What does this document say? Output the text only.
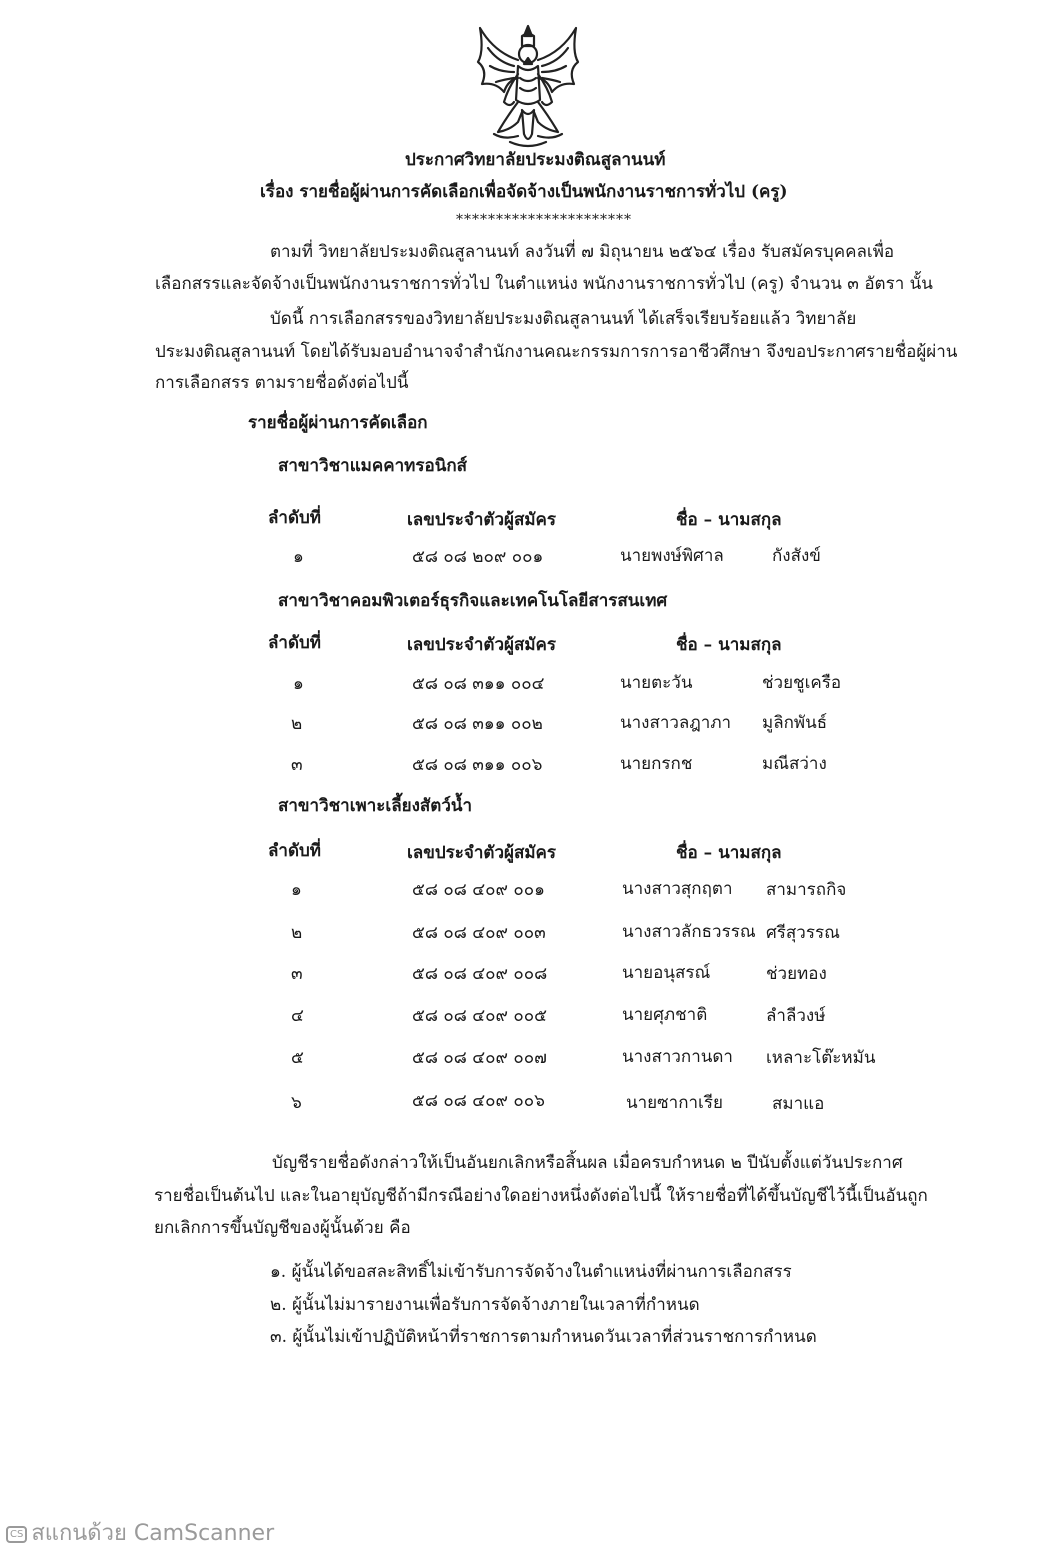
ประกาศวิทยาลัยประมงติณสูลานนท์
เรื่อง รายชื่อผู้ผ่านการคัดเลือกเพื่อจัดจ้างเป็นพนักงานราชการทั่วไป (ครู)
**********************
ตามที่ วิทยาลัยประมงติณสูลานนท์ ลงวันที่ ๗ มิถุนายน ๒๕๖๔ เรื่อง รับสมัครบุคคลเพื่อ
เลือกสรรและจัดจ้างเป็นพนักงานราชการทั่วไป ในตำแหน่ง พนักงานราชการทั่วไป (ครู) จำนวน ๓ อัตรา นั้น
บัดนี้ การเลือกสรรของวิทยาลัยประมงติณสูลานนท์ ได้เสร็จเรียบร้อยแล้ว วิทยาลัย
ประมงติณสูลานนท์ โดยได้รับมอบอำนาจจำสำนักงานคณะกรรมการการอาชีวศึกษา จึงขอประกาศรายชื่อผู้ผ่าน
การเลือกสรร ตามรายชื่อดังต่อไปนี้
รายชื่อผู้ผ่านการคัดเลือก
สาขาวิชาแมคคาทรอนิกส์
ลำดับที่	เลขประจำตัวผู้สมัคร	ชื่อ – นามสกุล
๑	๕๘ ๐๘ ๒๐๙ ๐๐๑	นายพงษ์พิศาล	กังสังข์
สาขาวิชาคอมพิวเตอร์ธุรกิจและเทคโนโลยีสารสนเทศ
ลำดับที่	เลขประจำตัวผู้สมัคร	ชื่อ – นามสกุล
๑	๕๘ ๐๘ ๓๑๑ ๐๐๔	นายตะวัน	ช่วยชูเครือ
๒	๕๘ ๐๘ ๓๑๑ ๐๐๒	นางสาวลฎาภา มูลิกพันธ์
๓	๕๘ ๐๘ ๓๑๑ ๐๐๖	นายกรกช	มณีสว่าง
สาขาวิชาเพาะเลี้ยงสัตว์น้ำ
ลำดับที่	เลขประจำตัวผู้สมัคร	ชื่อ – นามสกุล
๑	๕๘ ๐๘ ๔๐๙ ๐๐๑	นางสาวสุกฤตา สามารถกิจ
๒	๕๘ ๐๘ ๔๐๙ ๐๐๓	นางสาวลักธวรรณ ศรีสุวรรณ
๓	๕๘ ๐๘ ๔๐๙ ๐๐๘	นายอนุสรณ์	ช่วยทอง
๔	๕๘ ๐๘ ๔๐๙ ๐๐๕	นายศุภชาติ	ลำลีวงษ์
๕	๕๘ ๐๘ ๔๐๙ ๐๐๗	นางสาวกานดา เหลาะโต๊ะหมัน
๖	๕๘ ๐๘ ๔๐๙ ๐๐๖	นายซากาเรีย	สมาแอ
บัญชีรายชื่อดังกล่าวให้เป็นอันยกเลิกหรือสิ้นผล เมื่อครบกำหนด ๒ ปีนับตั้งแต่วันประกาศ
รายชื่อเป็นต้นไป และในอายุบัญชีถ้ามีกรณีอย่างใดอย่างหนึ่งดังต่อไปนี้ ให้รายชื่อที่ได้ขึ้นบัญชีไว้นี้เป็นอันถูก
ยกเลิกการขึ้นบัญชีของผู้นั้นด้วย คือ
๑. ผู้นั้นได้ขอสละสิทธิ์ไม่เข้ารับการจัดจ้างในตำแหน่งที่ผ่านการเลือกสรร
๒. ผู้นั้นไม่มารายงานเพื่อรับการจัดจ้างภายในเวลาที่กำหนด
๓. ผู้นั้นไม่เข้าปฏิบัติหน้าที่ราชการตามกำหนดวันเวลาที่ส่วนราชการกำหนด
CS สแกนด้วย CamScanner
